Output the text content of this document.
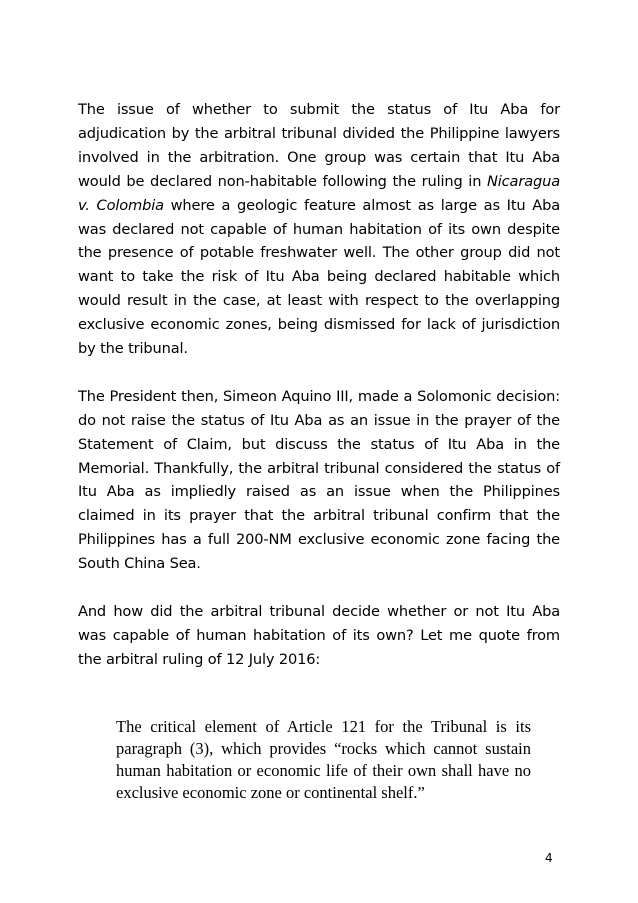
The issue of whether to submit the status of Itu Aba for adjudication by the arbitral tribunal divided the Philippine lawyers involved in the arbitration. One group was certain that Itu Aba would be declared non-habitable following the ruling in Nicaragua v. Colombia where a geologic feature almost as large as Itu Aba was declared not capable of human habitation of its own despite the presence of potable freshwater well. The other group did not want to take the risk of Itu Aba being declared habitable which would result in the case, at least with respect to the overlapping exclusive economic zones, being dismissed for lack of jurisdiction by the tribunal.

The President then, Simeon Aquino III, made a Solomonic decision: do not raise the status of Itu Aba as an issue in the prayer of the Statement of Claim, but discuss the status of Itu Aba in the Memorial. Thankfully, the arbitral tribunal considered the status of Itu Aba as impliedly raised as an issue when the Philippines claimed in its prayer that the arbitral tribunal confirm that the Philippines has a full 200-NM exclusive economic zone facing the South China Sea.

And how did the arbitral tribunal decide whether or not Itu Aba was capable of human habitation of its own? Let me quote from the arbitral ruling of 12 July 2016:

The critical element of Article 121 for the Tribunal is its paragraph (3), which provides “rocks which cannot sustain human habitation or economic life of their own shall have no exclusive economic zone or continental shelf.”

4
